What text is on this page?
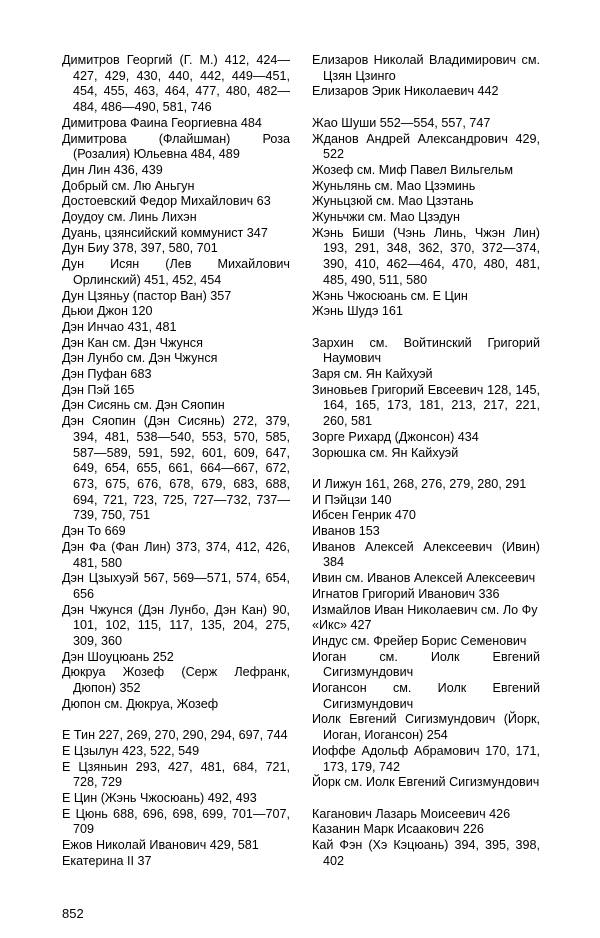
Димитров Георгий (Г. М.) 412, 424—427, 429, 430, 440, 442, 449—451, 454, 455, 463, 464, 477, 480, 482—484, 486—490, 581, 746
Димитрова Фаина Георгиевна 484
Димитрова (Флайшман) Роза (Розалия) Юльевна 484, 489
Дин Лин 436, 439
Добрый см. Лю Аньгун
Достоевский Федор Михайлович 63
Доудоу см. Линь Лихэн
Дуань, цзянсийский коммунист 347
Дун Биу 378, 397, 580, 701
Дун Исян (Лев Михайлович Орлинский) 451, 452, 454
Дун Цзяньу (пастор Ван) 357
Дьюи Джон 120
Дэн Инчао 431, 481
Дэн Кан см. Дэн Чжунся
Дэн Лунбо см. Дэн Чжунся
Дэн Пуфан 683
Дэн Пэй 165
Дэн Сисянь см. Дэн Сяопин
Дэн Сяопин (Дэн Сисянь) 272, 379, 394, 481, 538—540, 553, 570, 585, 587—589, 591, 592, 601, 609, 647, 649, 654, 655, 661, 664—667, 672, 673, 675, 676, 678, 679, 683, 688, 694, 721, 723, 725, 727—732, 737—739, 750, 751
Дэн То 669
Дэн Фа (Фан Лин) 373, 374, 412, 426, 481, 580
Дэн Цзыхуэй 567, 569—571, 574, 654, 656
Дэн Чжунся (Дэн Лунбо, Дэн Кан) 90, 101, 102, 115, 117, 135, 204, 275, 309, 360
Дэн Шоуцюань 252
Дюкруа Жозеф (Серж Лефранк, Дюпон) 352
Дюпон см. Дюкруа, Жозеф
Е Тин 227, 269, 270, 290, 294, 697, 744
Е Цзылун 423, 522, 549
Е Цзяньин 293, 427, 481, 684, 721, 728, 729
Е Цин (Жэнь Чжосюань) 492, 493
Е Цюнь 688, 696, 698, 699, 701—707, 709
Ежов Николай Иванович 429, 581
Екатерина II 37
Елизаров Николай Владимирович см. Цзян Цзинго
Елизаров Эрик Николаевич 442
Жао Шуши 552—554, 557, 747
Жданов Андрей Александрович 429, 522
Жозеф см. Миф Павел Вильгельм
Жуньлянь см. Мао Цзэминь
Жуньцзюй см. Мао Цзэтань
Жуньчжи см. Мао Цзэдун
Жэнь Биши (Чэнь Линь, Чжэн Лин) 193, 291, 348, 362, 370, 372—374, 390, 410, 462—464, 470, 480, 481, 485, 490, 511, 580
Жэнь Чжосюань см. Е Цин
Жэнь Шудэ 161
Зархин см. Войтинский Григорий Наумович
Заря см. Ян Кайхуэй
Зиновьев Григорий Евсеевич 128, 145, 164, 165, 173, 181, 213, 217, 221, 260, 581
Зорге Рихард (Джонсон) 434
Зорюшка см. Ян Кайхуэй
И Лижун 161, 268, 276, 279, 280, 291
И Пэйцзи 140
Ибсен Генрик 470
Иванов 153
Иванов Алексей Алексеевич (Ивин) 384
Ивин см. Иванов Алексей Алексеевич
Игнатов Григорий Иванович 336
Измайлов Иван Николаевич см. Ло Фу
«Икс» 427
Индус см. Фрейер Борис Семенович
Иоган см. Иолк Евгений Сигизмундович
Иогансон см. Иолк Евгений Сигизмундович
Иолк Евгений Сигизмундович (Йорк, Иоган, Иогансон) 254
Иоффе Адольф Абрамович 170, 171, 173, 179, 742
Йорк см. Иолк Евгений Сигизмундович
Каганович Лазарь Моисеевич 426
Казанин Марк Исаакович 226
Кай Фэн (Хэ Кэцюань) 394, 395, 398, 402
852
